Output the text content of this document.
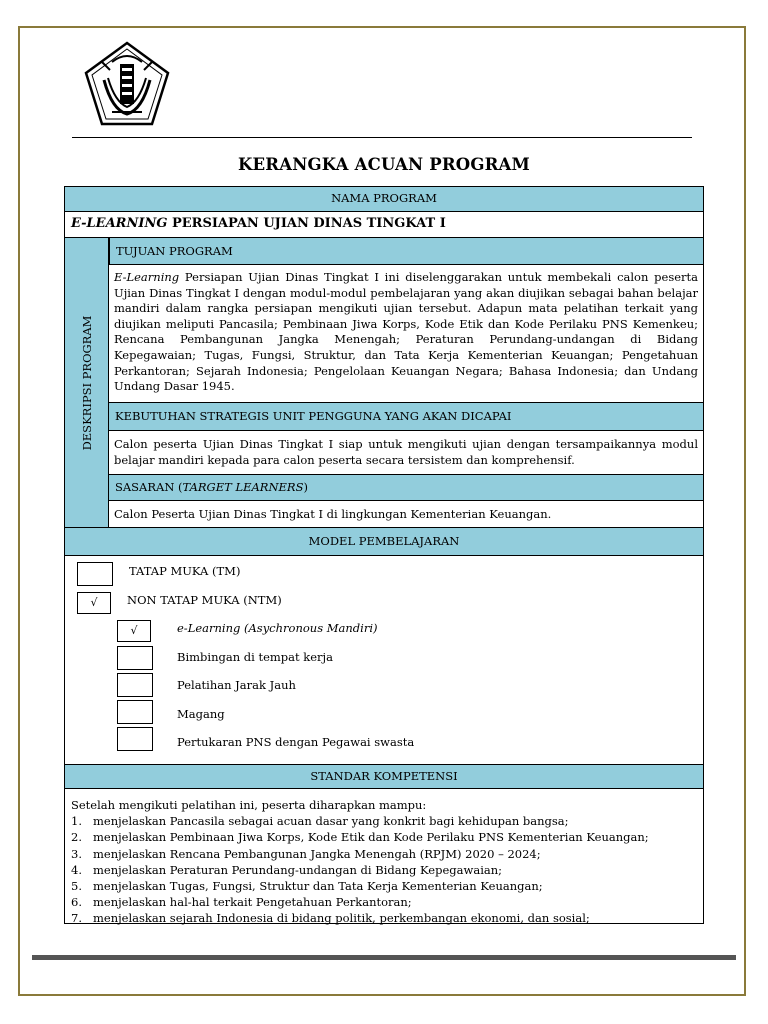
KERANGKA ACUAN PROGRAM
NAMA PROGRAM
E-LEARNING PERSIAPAN UJIAN DINAS TINGKAT I
DESKRIPSI PROGRAM
TUJUAN PROGRAM
E-Learning Persiapan Ujian Dinas Tingkat I ini diselenggarakan untuk membekali calon peserta Ujian Dinas Tingkat I dengan modul-modul pembelajaran yang akan diujikan sebagai bahan belajar mandiri dalam rangka persiapan mengikuti ujian tersebut. Adapun mata pelatihan terkait yang diujikan meliputi Pancasila; Pembinaan Jiwa Korps, Kode Etik dan Kode Perilaku PNS Kemenkeu; Rencana Pembangunan Jangka Menengah; Peraturan Perundang-undangan di Bidang Kepegawaian; Tugas, Fungsi, Struktur, dan Tata Kerja Kementerian Keuangan; Pengetahuan Perkantoran; Sejarah Indonesia; Pengelolaan Keuangan Negara; Bahasa Indonesia; dan Undang Undang Dasar 1945.
KEBUTUHAN STRATEGIS UNIT PENGGUNA YANG AKAN DICAPAI
Calon peserta Ujian Dinas Tingkat I siap untuk mengikuti ujian dengan tersampaikannya modul belajar mandiri kepada para calon peserta secara tersistem dan komprehensif.
SASARAN (TARGET LEARNERS)
Calon Peserta Ujian Dinas Tingkat I di lingkungan Kementerian Keuangan.
MODEL PEMBELAJARAN
TATAP MUKA (TM)
√	NON TATAP MUKA (NTM)
√	e-Learning (Asychronous Mandiri)
Bimbingan di tempat kerja
Pelatihan Jarak Jauh
Magang
Pertukaran PNS dengan Pegawai swasta
STANDAR KOMPETENSI
Setelah mengikuti pelatihan ini, peserta diharapkan mampu:
1. menjelaskan Pancasila sebagai acuan dasar yang konkrit bagi kehidupan bangsa;
2. menjelaskan Pembinaan Jiwa Korps, Kode Etik dan Kode Perilaku PNS Kementerian Keuangan;
3. menjelaskan Rencana Pembangunan Jangka Menengah (RPJM) 2020 – 2024;
4. menjelaskan Peraturan Perundang-undangan di Bidang Kepegawaian;
5. menjelaskan Tugas, Fungsi, Struktur dan Tata Kerja Kementerian Keuangan;
6. menjelaskan hal-hal terkait Pengetahuan Perkantoran;
7. menjelaskan sejarah Indonesia di bidang politik, perkembangan ekonomi, dan sosial;
